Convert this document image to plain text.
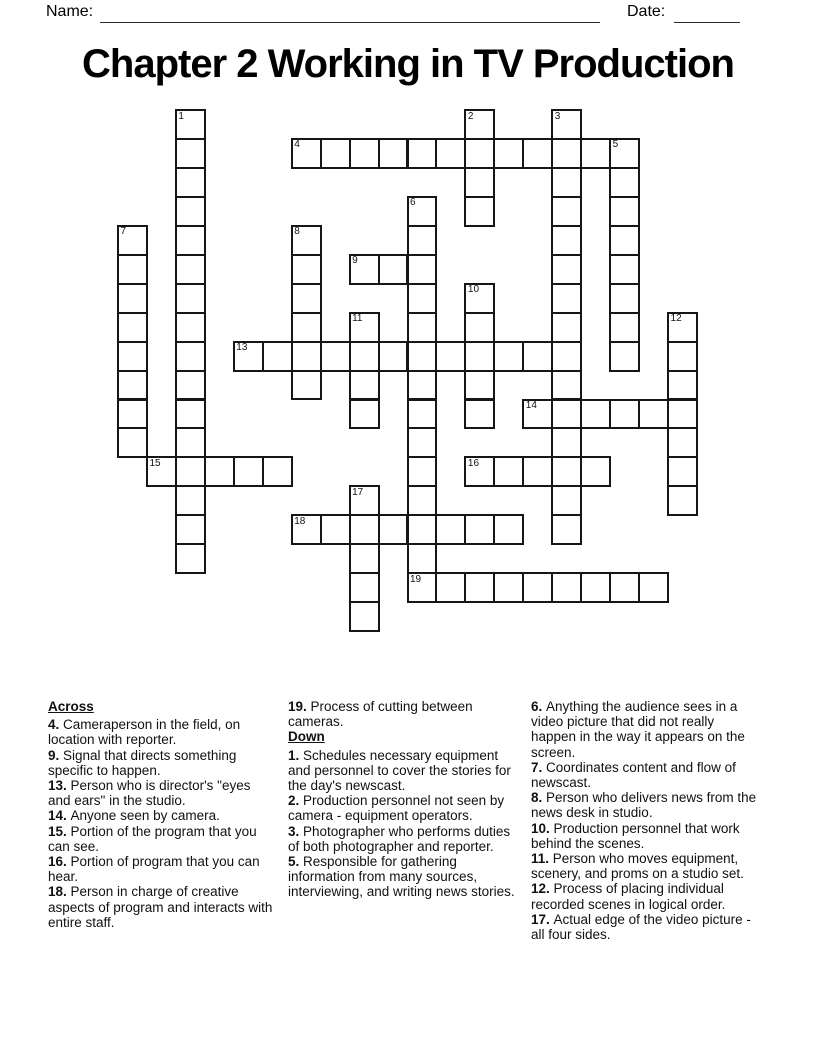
Name:	Date:
Chapter 2 Working in TV Production
1	2	3
4	5
6
7	8
9
10
11	12
13
14
15	16
17
18
19
Across
4. Cameraperson in the field, on location with reporter.
9. Signal that directs something specific to happen.
13. Person who is director's "eyes and ears" in the studio.
14. Anyone seen by camera.
15. Portion of the program that you can see.
16. Portion of program that you can hear.
18. Person in charge of creative aspects of program and interacts with entire staff.
19. Process of cutting between cameras.
Down
1. Schedules necessary equipment and personnel to cover the stories for the day's newscast.
2. Production personnel not seen by camera - equipment operators.
3. Photographer who performs duties of both photographer and reporter.
5. Responsible for gathering information from many sources, interviewing, and writing news stories.
6. Anything the audience sees in a video picture that did not really happen in the way it appears on the screen.
7. Coordinates content and flow of newscast.
8. Person who delivers news from the news desk in studio.
10. Production personnel that work behind the scenes.
11. Person who moves equipment, scenery, and proms on a studio set.
12. Process of placing individual recorded scenes in logical order.
17. Actual edge of the video picture - all four sides.
